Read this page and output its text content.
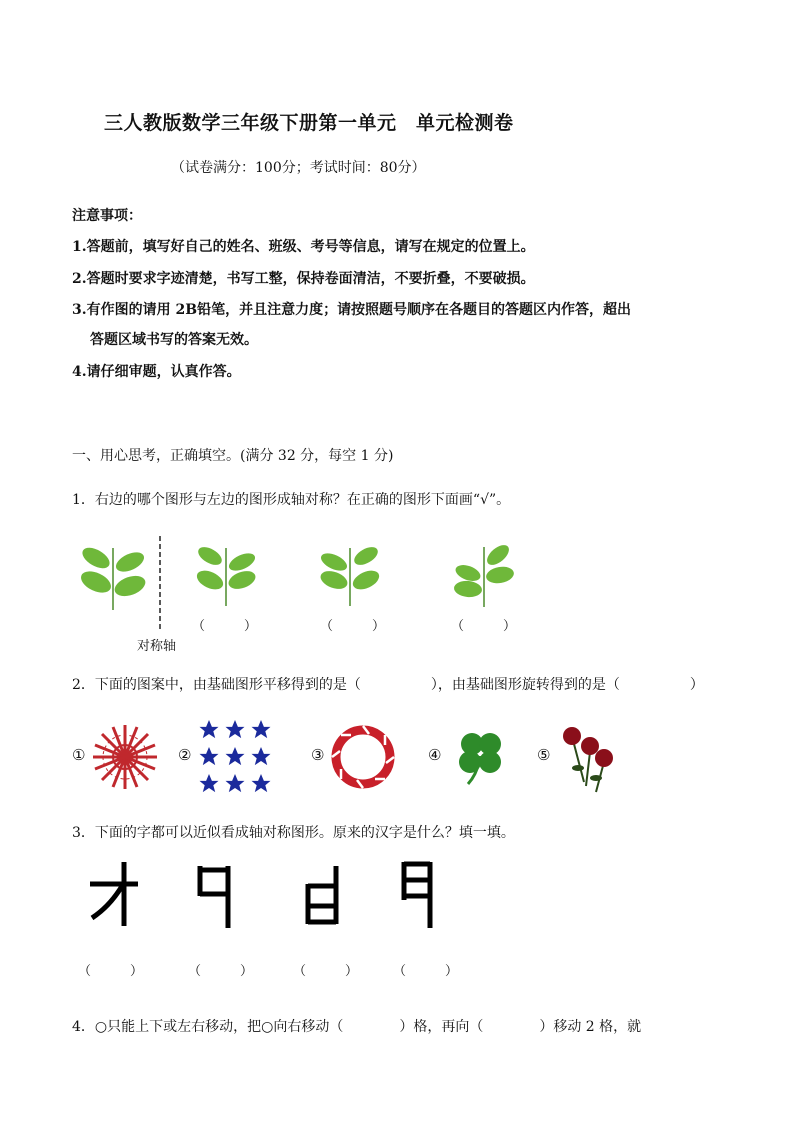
三人教版数学三年级下册第一单元　单元检测卷
（试卷满分：100分；考试时间：80分）
注意事项：
1.答题前，填写好自己的姓名、班级、考号等信息，请写在规定的位置上。
2.答题时要求字迹清楚，书写工整，保持卷面清洁，不要折叠，不要破损。
3.有作图的请用 2B铅笔，并且注意力度；请按照题号顺序在各题目的答题区内作答，超出
答题区域书写的答案无效。
4.请仔细审题，认真作答。
一、用心思考，正确填空。(满分 32 分，每空 1 分)
1．右边的哪个图形与左边的图形成轴对称？在正确的图形下面画“√”。
对称轴
（　　　）	（　　　）	（　　　）
2．下面的图案中，由基础图形平移得到的是（　　　　　），由基础图形旋转得到的是（　　　　　）
①	②	③	④	⑤
3．下面的字都可以近似看成轴对称图形。原来的汉字是什么？填一填。
（　　　）	（　　　）	（　　　）	（　　　）
4．○只能上下或左右移动，把○向右移动（　　　　）格，再向（　　　　）移动 2 格，就
